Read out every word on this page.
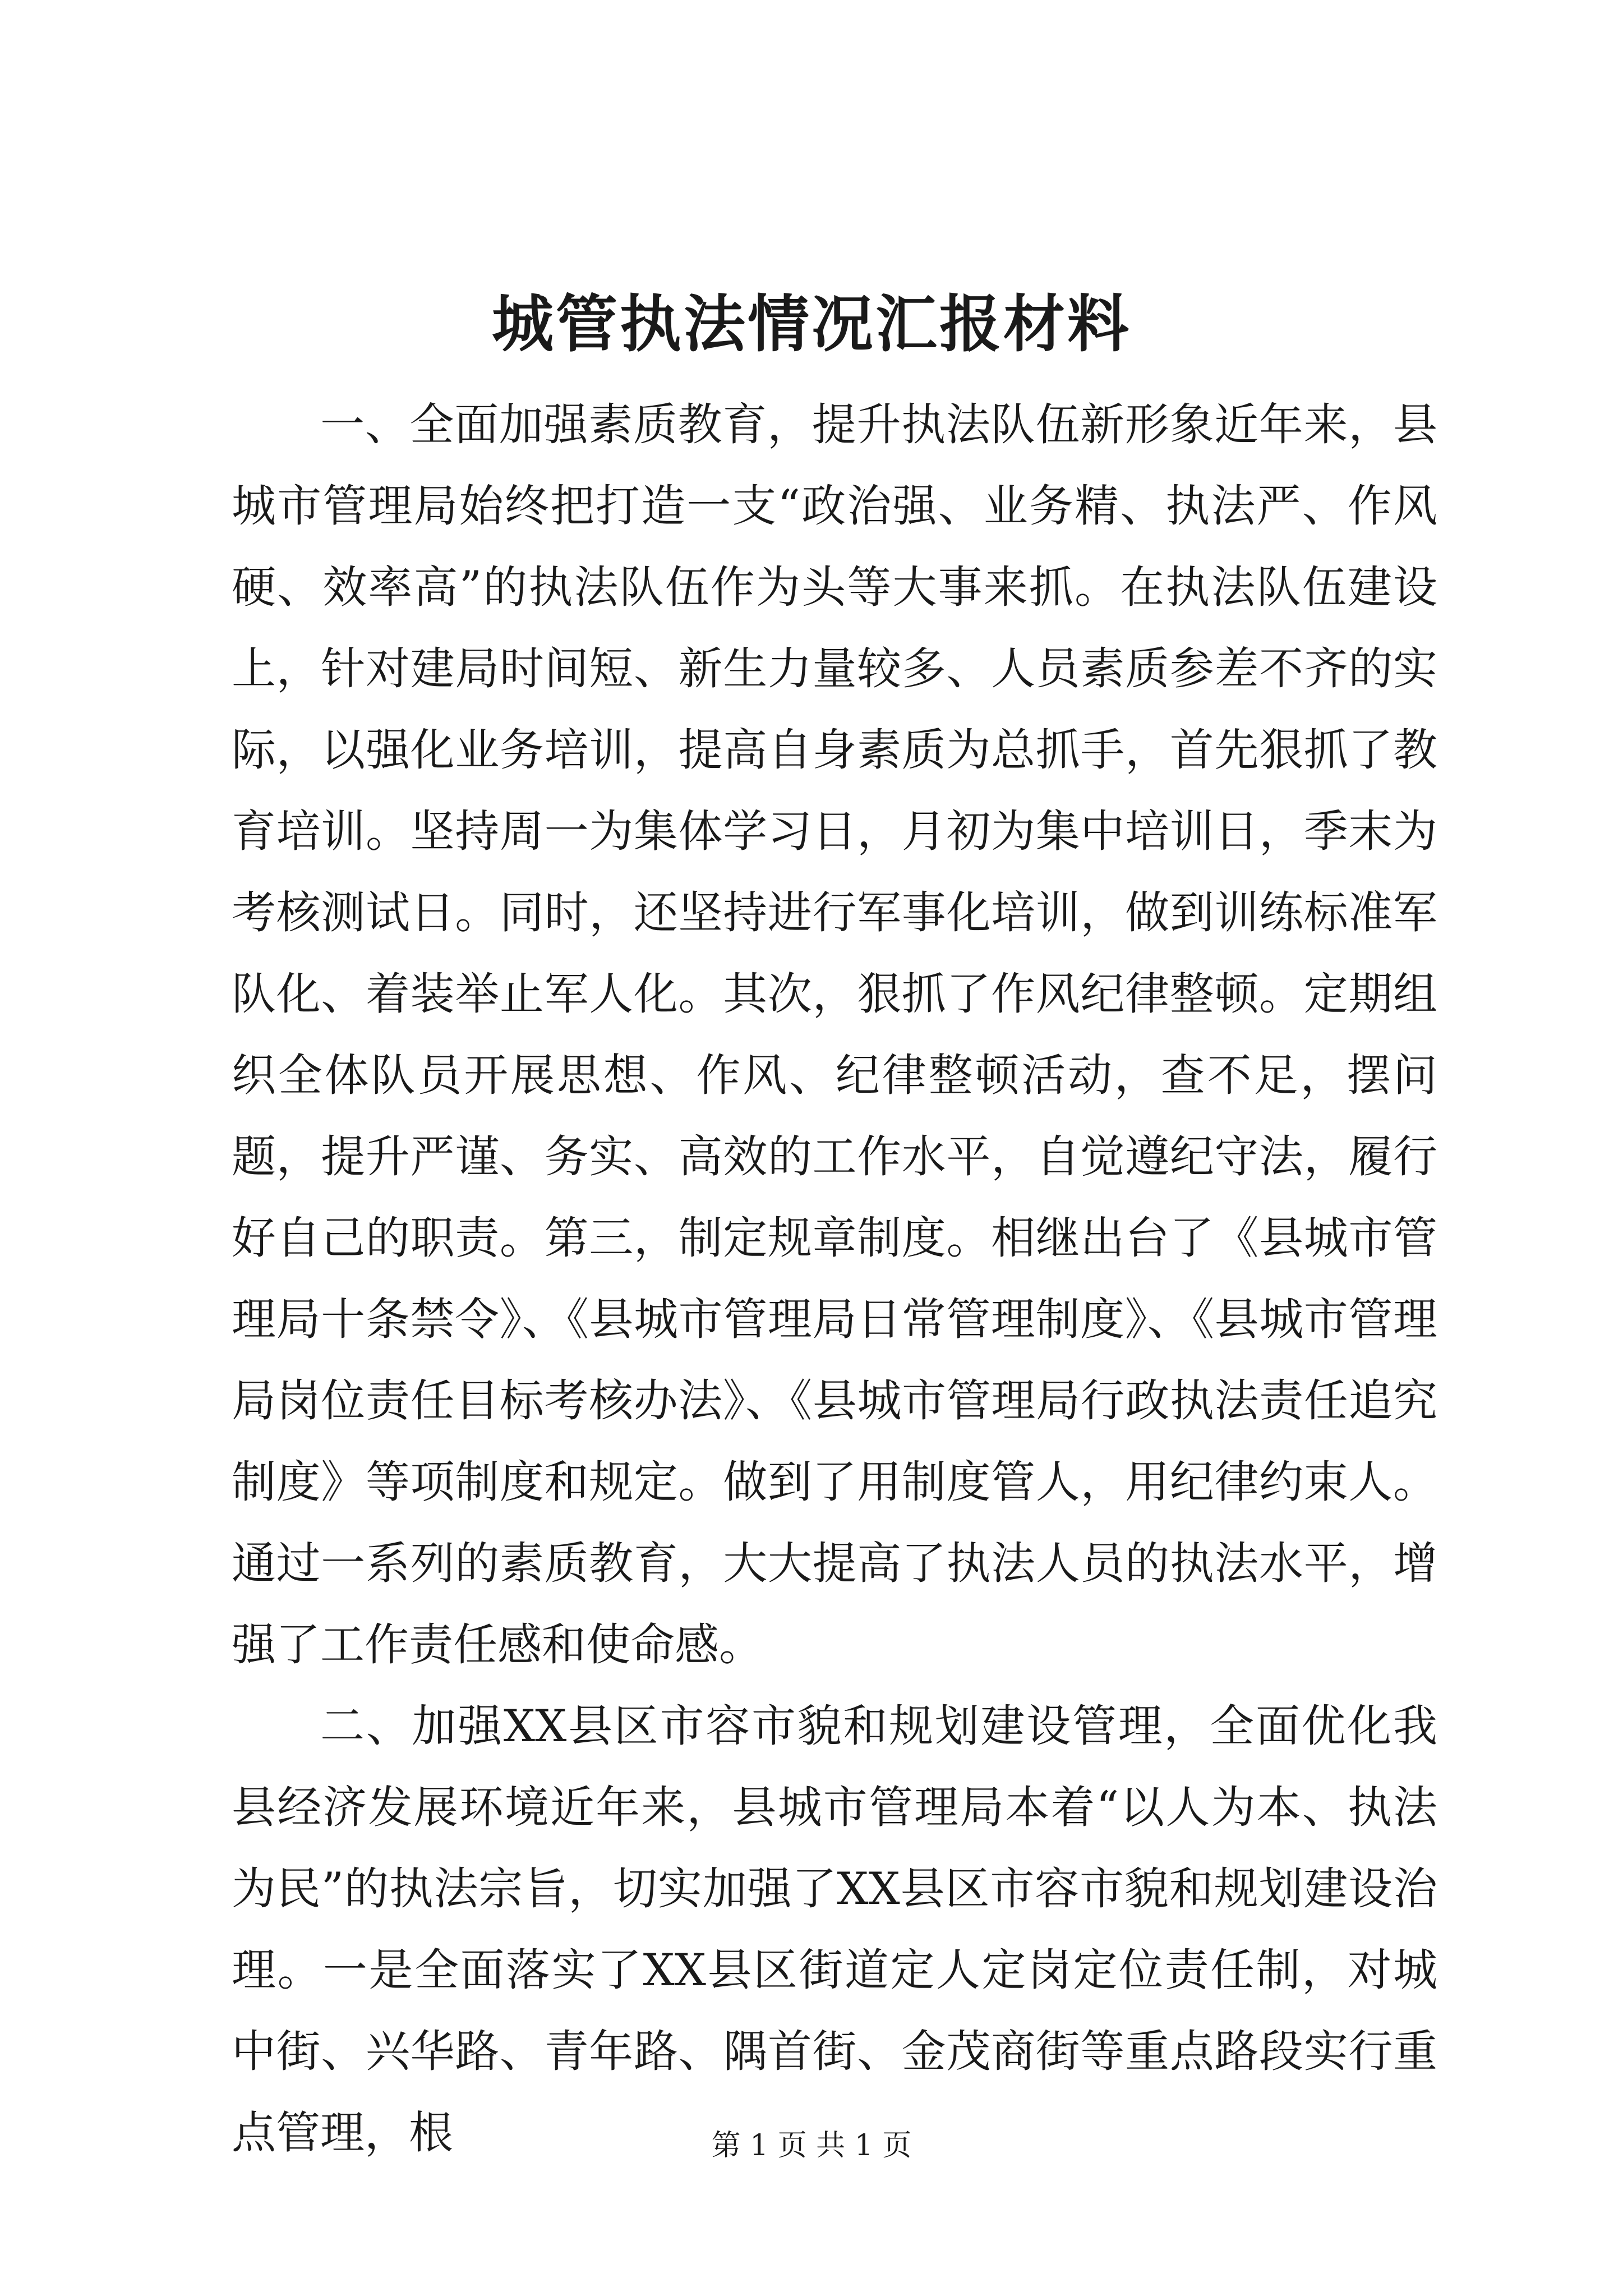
城管执法情况汇报材料

一、全面加强素质教育，提升执法队伍新形象近年来，县城市管理局始终把打造一支“政治强、业务精、执法严、作风硬、效率高”的执法队伍作为头等大事来抓。在执法队伍建设上，针对建局时间短、新生力量较多、人员素质参差不齐的实际，以强化业务培训，提高自身素质为总抓手，首先狠抓了教育培训。坚持周一为集体学习日，月初为集中培训日，季末为考核测试日。同时，还坚持进行军事化培训，做到训练标准军队化、着装举止军人化。其次，狠抓了作风纪律整顿。定期组织全体队员开展思想、作风、纪律整顿活动，查不足，摆问题，提升严谨、务实、高效的工作水平，自觉遵纪守法，履行好自己的职责。第三，制定规章制度。相继出台了《县城市管理局十条禁令》、《县城市管理局日常管理制度》、《县城市管理局岗位责任目标考核办法》、《县城市管理局行政执法责任追究制度》等项制度和规定。做到了用制度管人，用纪律约束人。通过一系列的素质教育，大大提高了执法人员的执法水平，增强了工作责任感和使命感。

二、加强XX县区市容市貌和规划建设管理，全面优化我县经济发展环境近年来，县城市管理局本着“以人为本、执法为民”的执法宗旨，切实加强了XX县区市容市貌和规划建设治理。一是全面落实了XX县区街道定人定岗定位责任制，对城中街、兴华路、青年路、隅首街、金茂商街等重点路段实行重点管理，根	第 1 页 共 1 页
